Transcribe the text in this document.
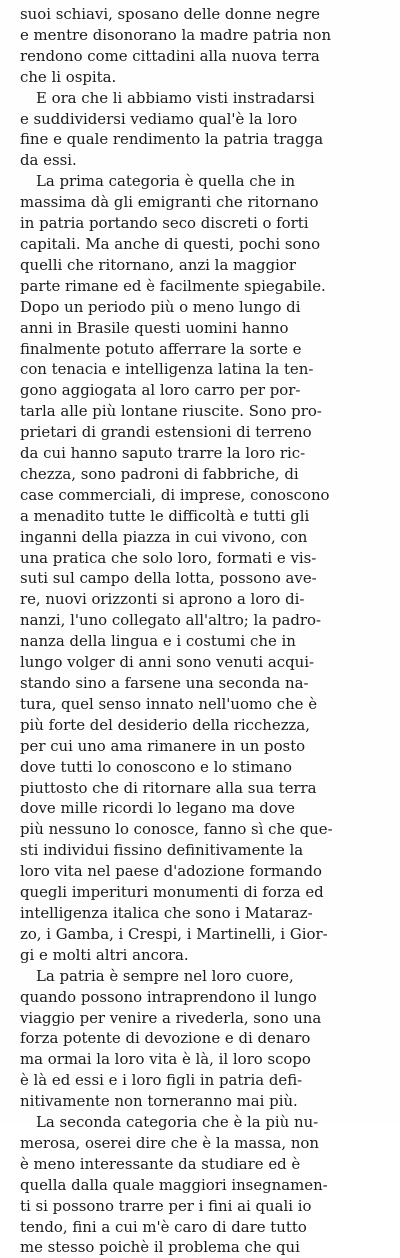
suoi schiavi, sposano delle donne negre
e mentre disonorano la madre patria non
rendono come cittadini alla nuova terra
che li ospita.

E ora che li abbiamo visti instradarsi
e suddividersi vediamo qual'è la loro
fine e quale rendimento la patria tragga
da essi.

La prima categoria è quella che in
massima dà gli emigranti che ritornano
in patria portando seco discreti o forti
capitali. Ma anche di questi, pochi sono
quelli che ritornano, anzi la maggior
parte rimane ed è facilmente spiegabile.
Dopo un periodo più o meno lungo di
anni in Brasile questi uomini hanno
finalmente potuto afferrare la sorte e
con tenacia e intelligenza latina la ten-
gono aggiogata al loro carro per por-
tarla alle più lontane riuscite. Sono pro-
prietari di grandi estensioni di terreno
da cui hanno saputo trarre la loro ric-
chezza, sono padroni di fabbriche, di
case commerciali, di imprese, conoscono
a menadito tutte le difficoltà e tutti gli
inganni della piazza in cui vivono, con
una pratica che solo loro, formati e vis-
suti sul campo della lotta, possono ave-
re, nuovi orizzonti si aprono a loro di-
nanzi, l'uno collegato all'altro; la padro-
nanza della lingua e i costumi che in
lungo volger di anni sono venuti acqui-
stando sino a farsene una seconda na-
tura, quel senso innato nell'uomo che è
più forte del desiderio della ricchezza,
per cui uno ama rimanere in un posto
dove tutti lo conoscono e lo stimano
piuttosto che di ritornare alla sua terra
dove mille ricordi lo legano ma dove
più nessuno lo conosce, fanno sì che que-
sti individui fissino definitivamente la
loro vita nel paese d'adozione formando
quegli imperituri monumenti di forza ed
intelligenza italica che sono i Mataraz-
zo, i Gamba, i Crespi, i Martinelli, i Gior-
gi e molti altri ancora.

La patria è sempre nel loro cuore,
quando possono intraprendono il lungo
viaggio per venire a rivederla, sono una
forza potente di devozione e di denaro
ma ormai la loro vita è là, il loro scopo
è là ed essi e i loro figli in patria defi-
nitivamente non torneranno mai più.

La seconda categoria che è la più nu-
merosa, oserei dire che è la massa, non
è meno interessante da studiare ed è
quella dalla quale maggiori insegnamen-
ti si possono trarre per i fini ai quali io
tendo, fini a cui m'è caro di dare tutto
me stesso poichè il problema che qui
